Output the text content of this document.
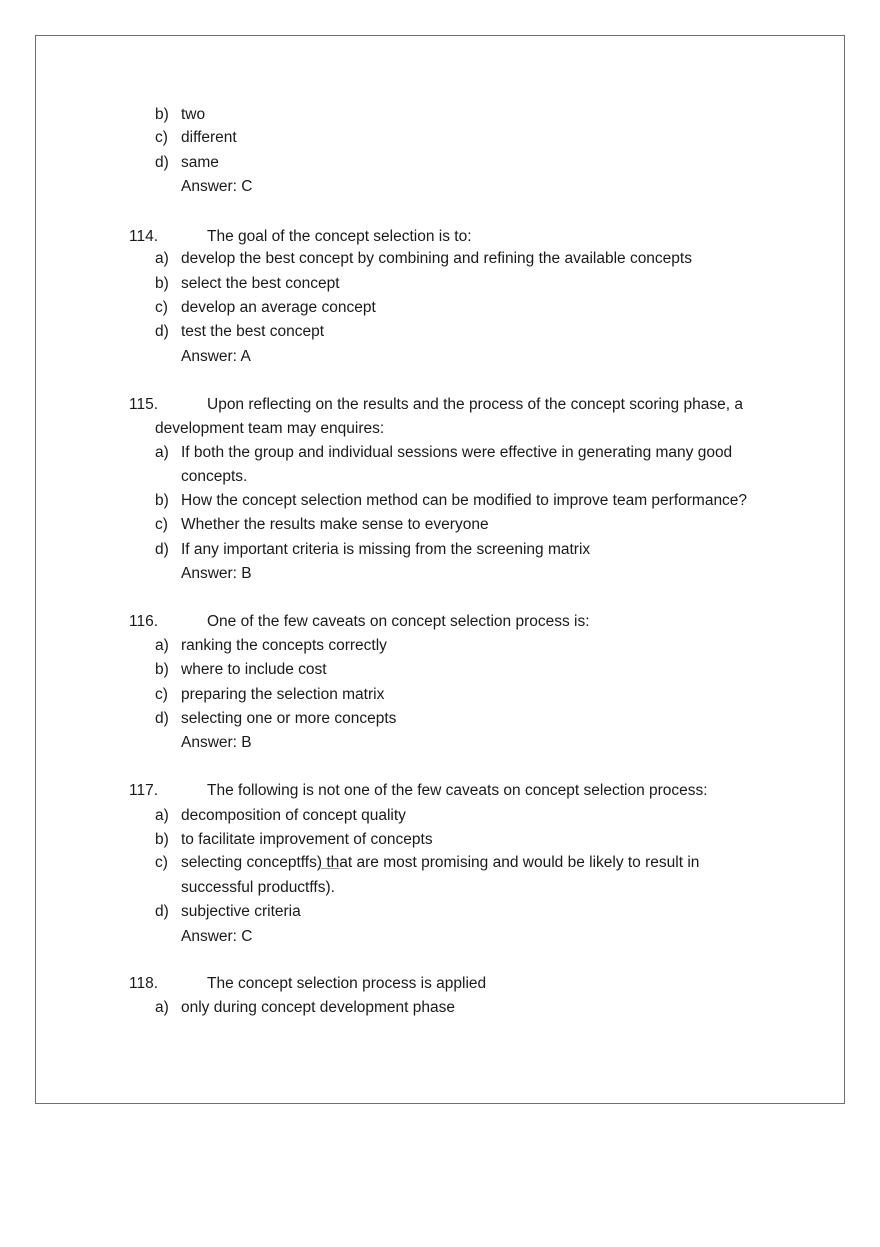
b) two
c) different
d) same
Answer: C
114.	The goal of the concept selection is to:
a) develop the best concept by combining and refining the available concepts
b) select the best concept
c) develop an average concept
d) test the best concept
Answer: A
115.	Upon reflecting on the results and the process of the concept scoring phase, a
development team may enquires:
a) If both the group and individual sessions were effective in generating many good
concepts.
b) How the concept selection method can be modified to improve team performance?
c) Whether the results make sense to everyone
d) If any important criteria is missing from the screening matrix
Answer: B
116.	One of the few caveats on concept selection process is:
a) ranking the concepts correctly
b) where to include cost
c) preparing the selection matrix
d) selecting one or more concepts
Answer: B
117.	The following is not one of the few caveats on concept selection process:
a) decomposition of concept quality
b) to facilitate improvement of concepts
c) selecting conceptffs) that are most promising and would be likely to result in
successful productffs).
d) subjective criteria
Answer: C
118.	The concept selection process is applied
a) only during concept development phase
